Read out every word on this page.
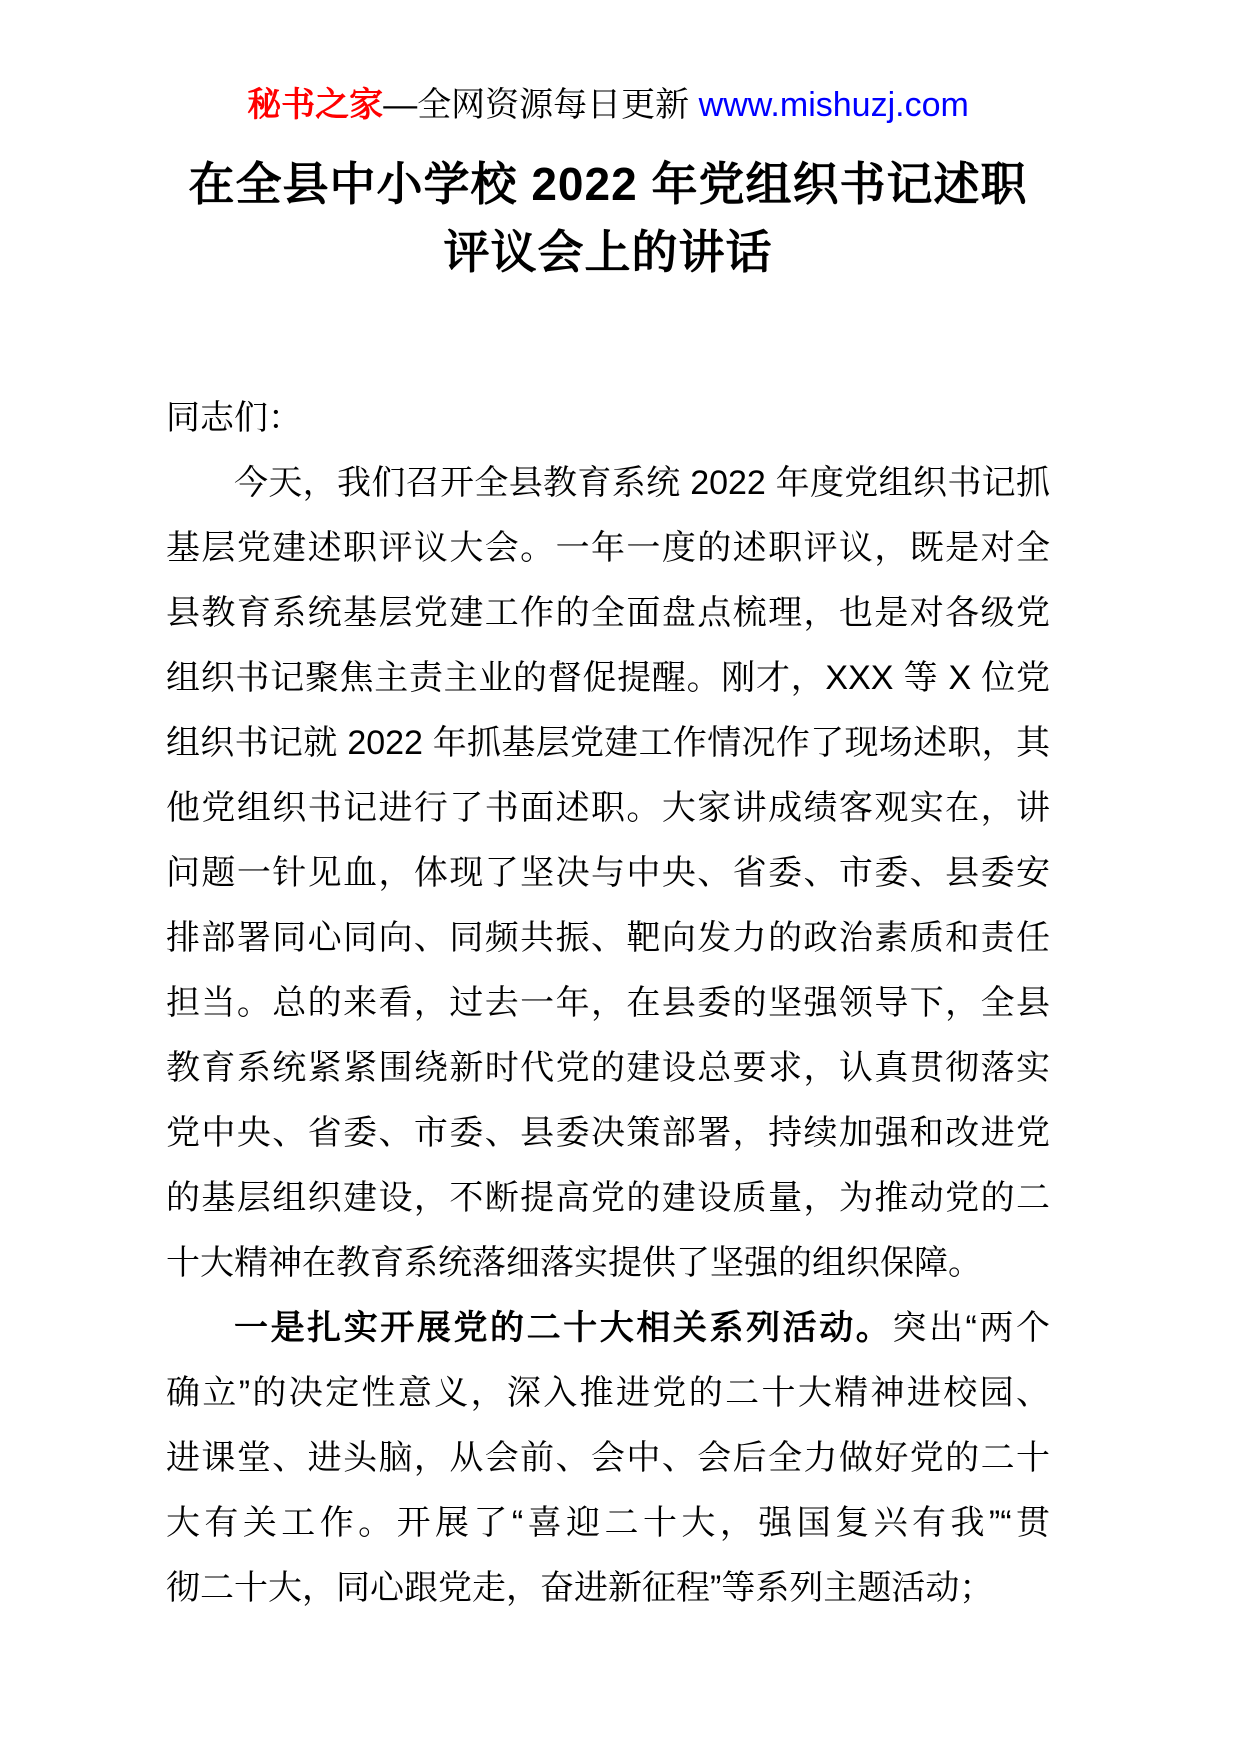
秘书之家—全网资源每日更新 www.mishuzj.com
在全县中小学校 2022 年党组织书记述职
评议会上的讲话

同志们：

今天，我们召开全县教育系统 2022 年度党组织书记抓
基层党建述职评议大会。一年一度的述职评议，既是对全
县教育系统基层党建工作的全面盘点梳理，也是对各级党
组织书记聚焦主责主业的督促提醒。刚才，XXX 等 X 位党
组织书记就 2022 年抓基层党建工作情况作了现场述职，其
他党组织书记进行了书面述职。大家讲成绩客观实在，讲
问题一针见血，体现了坚决与中央、省委、市委、县委安
排部署同心同向、同频共振、靶向发力的政治素质和责任
担当。总的来看，过去一年，在县委的坚强领导下，全县
教育系统紧紧围绕新时代党的建设总要求，认真贯彻落实
党中央、省委、市委、县委决策部署，持续加强和改进党
的基层组织建设，不断提高党的建设质量，为推动党的二
十大精神在教育系统落细落实提供了坚强的组织保障。
一是扎实开展党的二十大相关系列活动。突出“两个
确立”的决定性意义，深入推进党的二十大精神进校园、
进课堂、进头脑，从会前、会中、会后全力做好党的二十
大有关工作。开展了“喜迎二十大，强国复兴有我”“贯
彻二十大，同心跟党走，奋进新征程”等系列主题活动；
